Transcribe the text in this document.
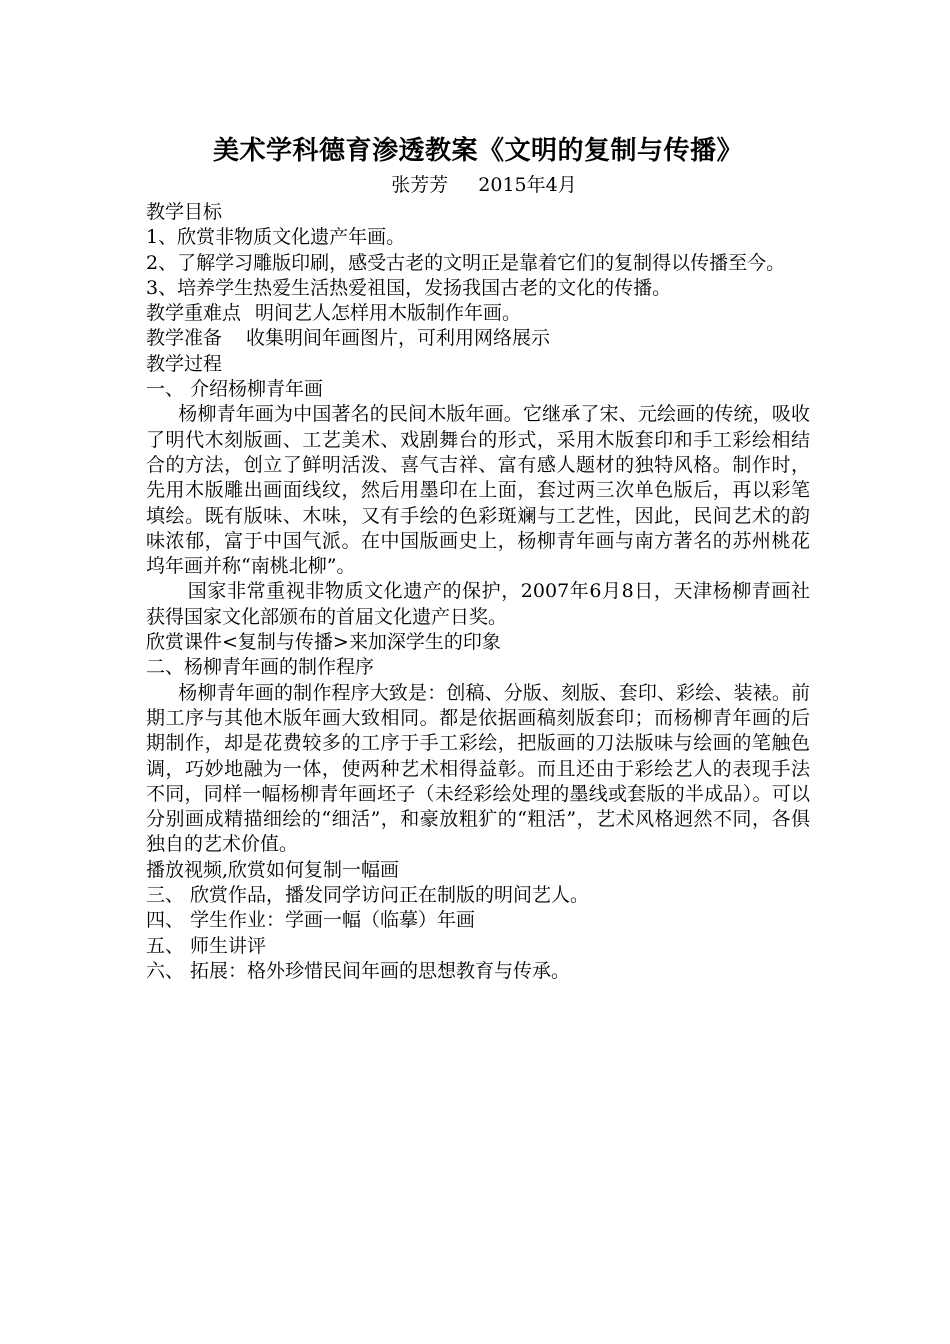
美术学科德育渗透教案《文明的复制与传播》
张芳芳 2015年4月

教学目标

1、欣赏非物质文化遗产年画。

2、了解学习雕版印刷，感受古老的文明正是靠着它们的复制得以传播至今。

3、培养学生热爱生活热爱祖国，发扬我国古老的文化的传播。

教学重难点 明间艺人怎样用木版制作年画。

教学准备 收集明间年画图片，可利用网络展示

教学过程

一、 介绍杨柳青年画

杨柳青年画为中国著名的民间木版年画。它继承了宋、元绘画的传统，吸收了明代木刻版画、工艺美术、戏剧舞台的形式，采用木版套印和手工彩绘相结合的方法，创立了鲜明活泼、喜气吉祥、富有感人题材的独特风格。制作时，先用木版雕出画面线纹，然后用墨印在上面，套过两三次单色版后，再以彩笔填绘。既有版味、木味，又有手绘的色彩斑斓与工艺性，因此，民间艺术的韵味浓郁，富于中国气派。在中国版画史上，杨柳青年画与南方著名的苏州桃花坞年画并称“南桃北柳”。

国家非常重视非物质文化遗产的保护，2007年6月8日，天津杨柳青画社获得国家文化部颁布的首届文化遗产日奖。

欣赏课件<复制与传播>来加深学生的印象

二、杨柳青年画的制作程序

杨柳青年画的制作程序大致是：创稿、分版、刻版、套印、彩绘、装裱。前期工序与其他木版年画大致相同。都是依据画稿刻版套印；而杨柳青年画的后期制作，却是花费较多的工序于手工彩绘，把版画的刀法版味与绘画的笔触色调，巧妙地融为一体，使两种艺术相得益彰。而且还由于彩绘艺人的表现手法不同，同样一幅杨柳青年画坯子（未经彩绘处理的墨线或套版的半成品）。可以分别画成精描细绘的“细活”，和豪放粗犷的“粗活”，艺术风格迥然不同，各俱独自的艺术价值。

播放视频,欣赏如何复制一幅画

三、 欣赏作品，播发同学访问正在制版的明间艺人。

四、 学生作业：学画一幅（临摹）年画

五、 师生讲评

六、 拓展：格外珍惜民间年画的思想教育与传承。
